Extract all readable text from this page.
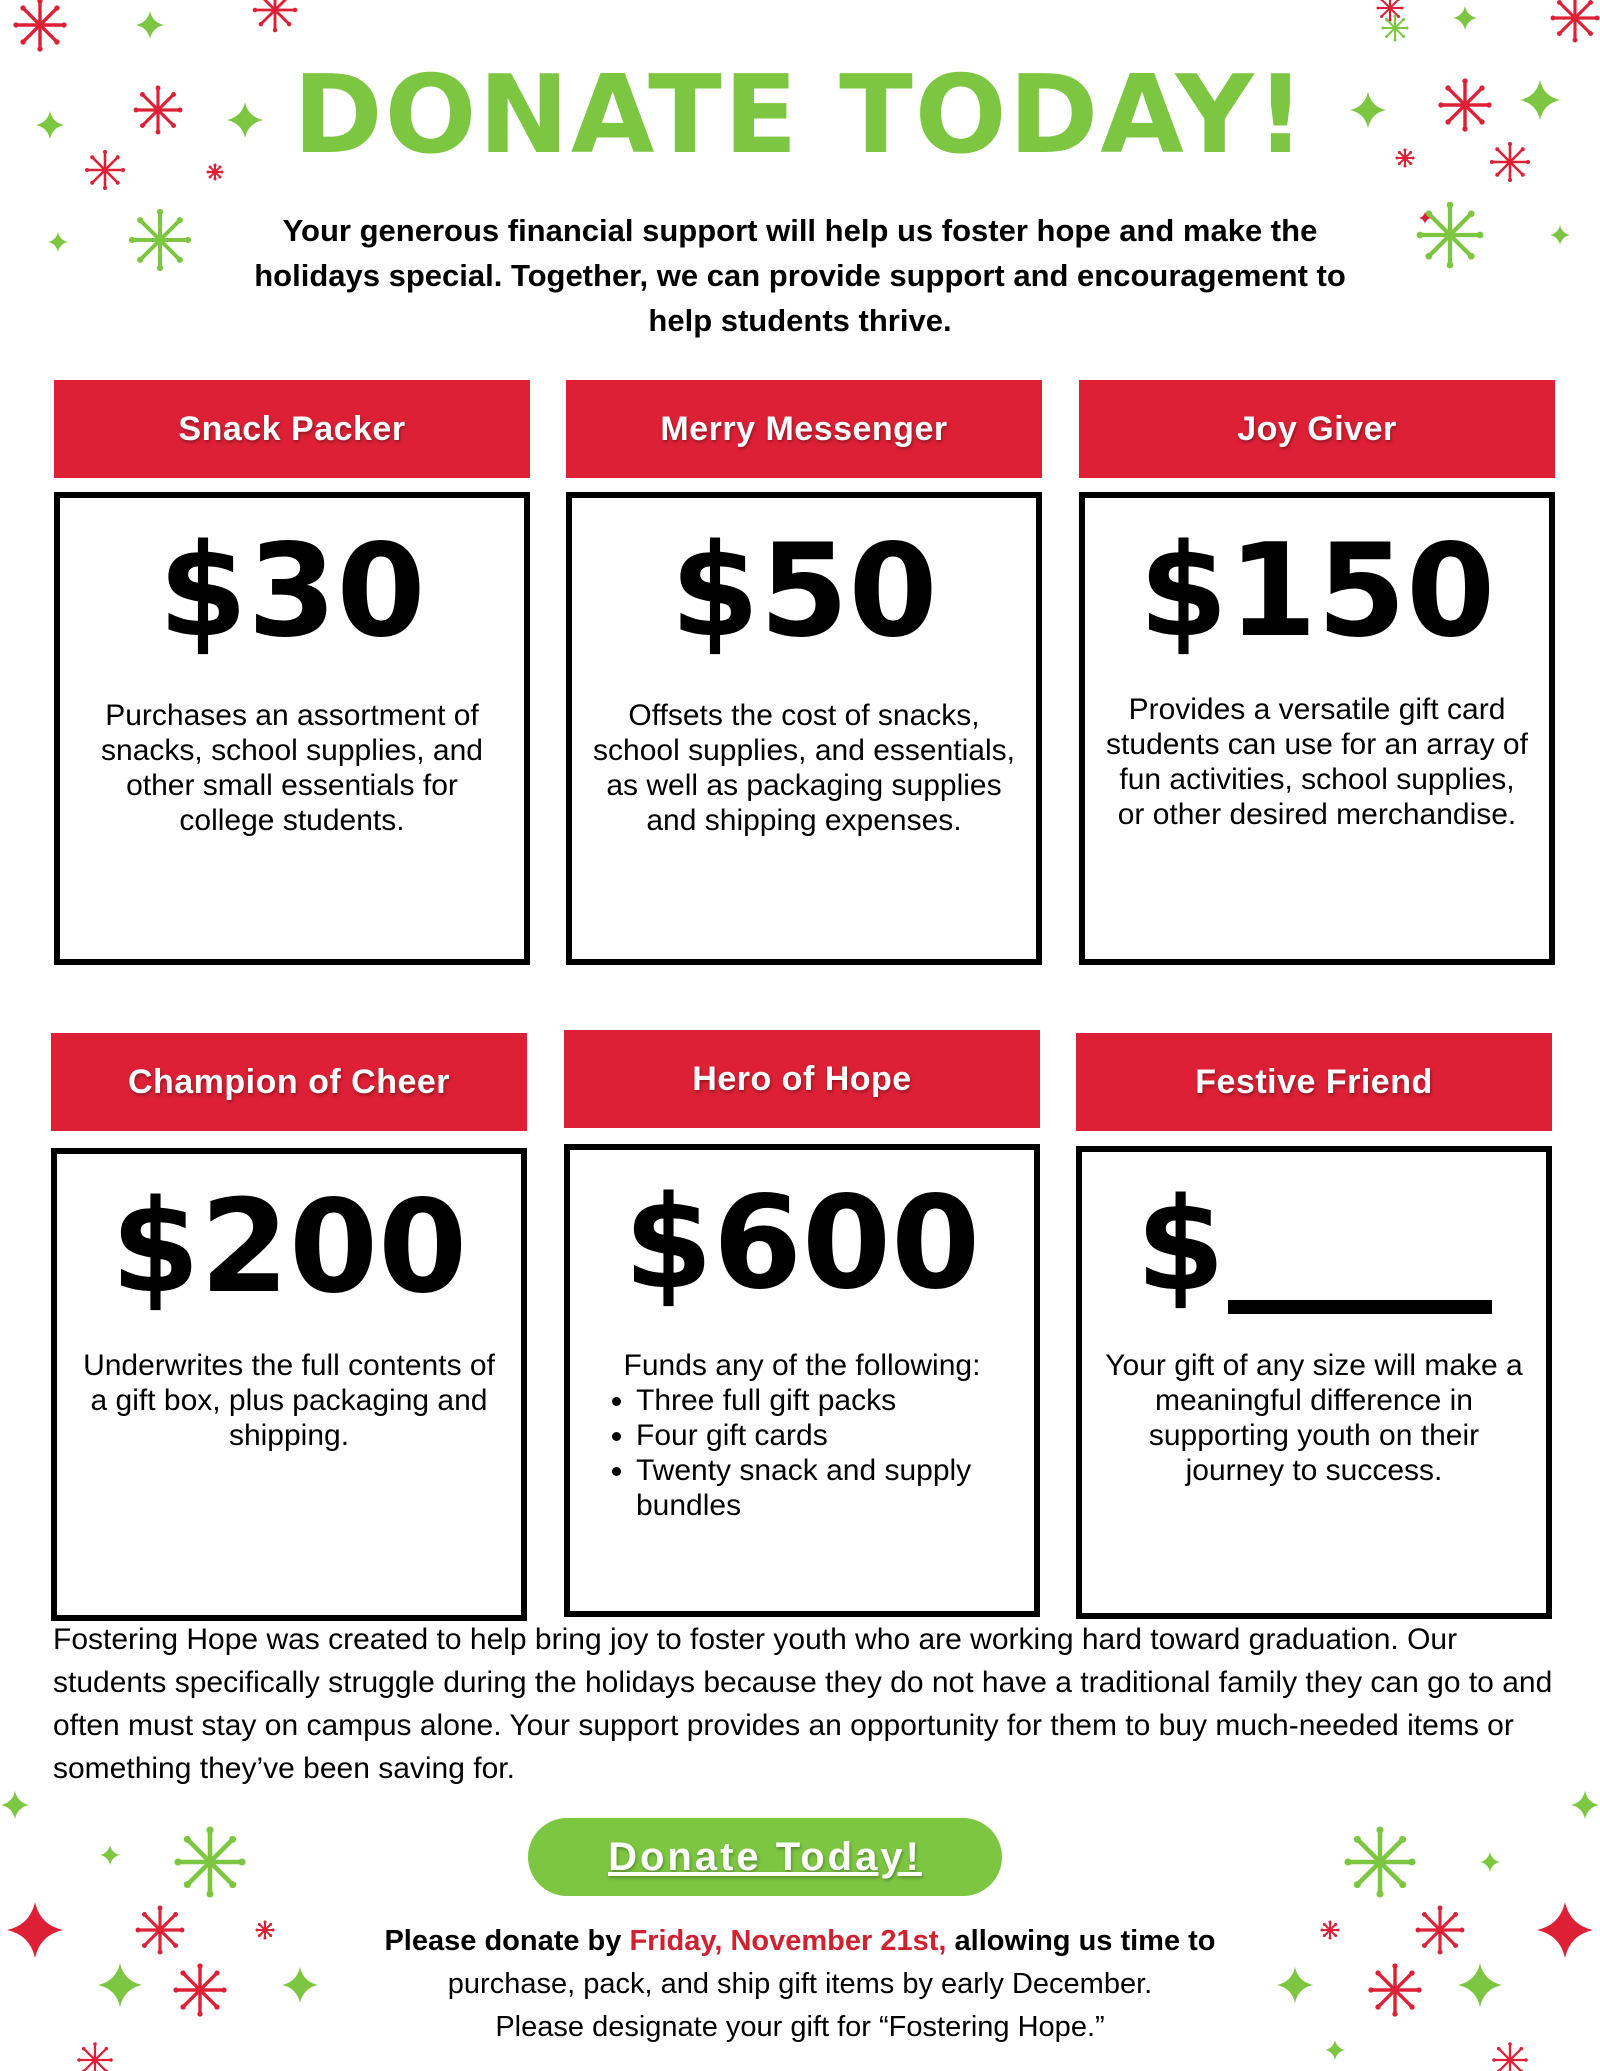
DONATE TODAY!
Your generous financial support will help us foster hope and make the holidays special. Together, we can provide support and encouragement to help students thrive.
Snack Packer
$30
Purchases an assortment of snacks, school supplies, and other small essentials for college students.
Merry Messenger
$50
Offsets the cost of snacks, school supplies, and essentials, as well as packaging supplies and shipping expenses.
Joy Giver
$150
Provides a versatile gift card students can use for an array of fun activities, school supplies, or other desired merchandise.
Champion of Cheer
$200
Underwrites the full contents of a gift box, plus packaging and shipping.
Hero of Hope
$600
Funds any of the following:
• Three full gift packs
• Four gift cards
• Twenty snack and supply bundles
Festive Friend
$
Your gift of any size will make a meaningful difference in supporting youth on their journey to success.
Fostering Hope was created to help bring joy to foster youth who are working hard toward graduation. Our students specifically struggle during the holidays because they do not have a traditional family they can go to and often must stay on campus alone. Your support provides an opportunity for them to buy much-needed items or something they’ve been saving for.
Donate Today!
Please donate by Friday, November 21st, allowing us time to
purchase, pack, and ship gift items by early December.
Please designate your gift for “Fostering Hope.”
